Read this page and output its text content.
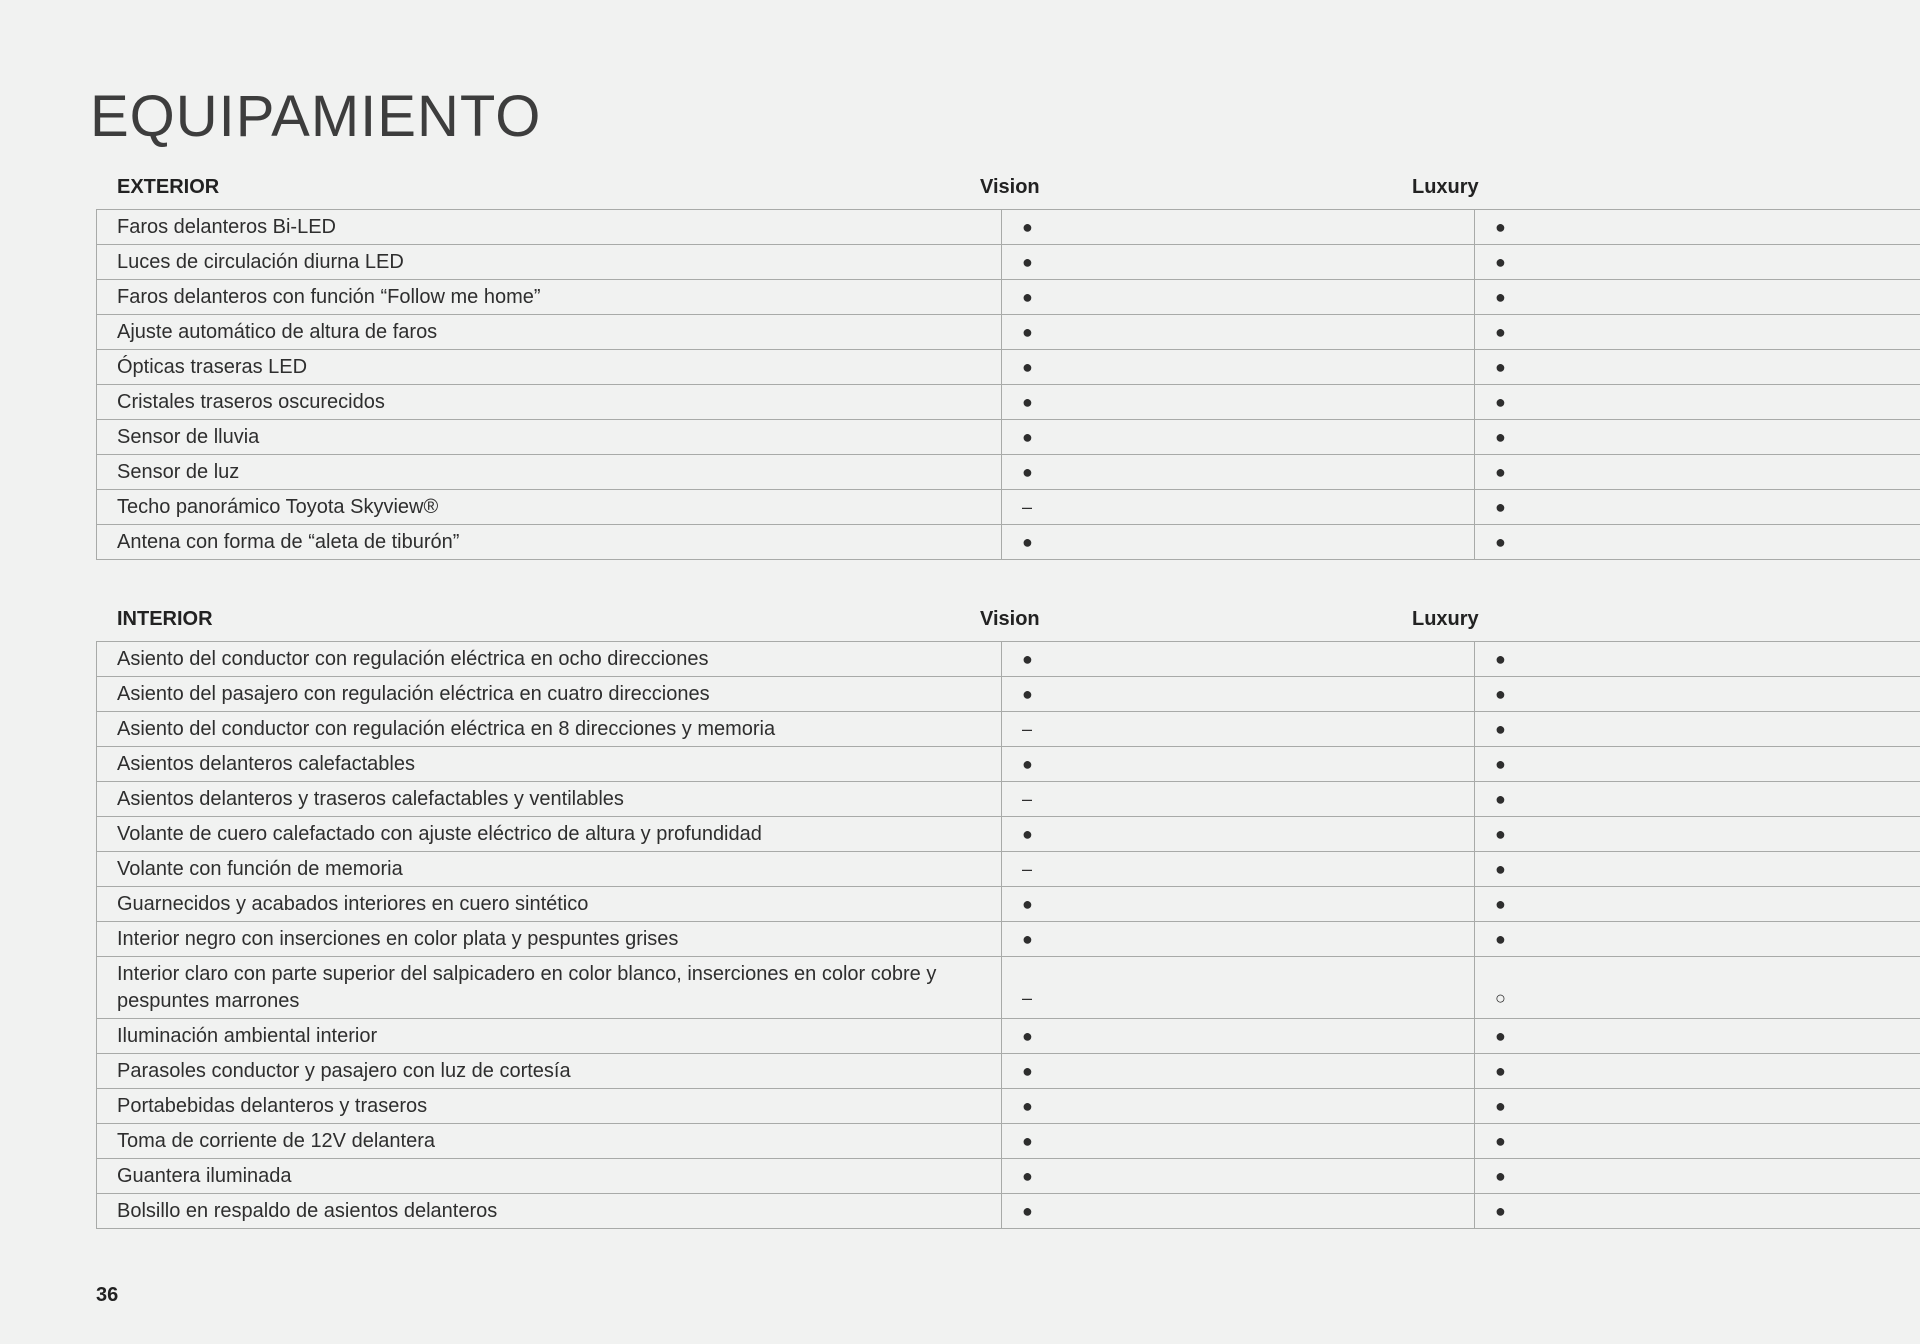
EQUIPAMIENTO
EXTERIOR	Vision	Luxury
Faros delanteros Bi-LED	●	●
Luces de circulación diurna LED	●	●
Faros delanteros con función “Follow me home”	●	●
Ajuste automático de altura de faros	●	●
Ópticas traseras LED	●	●
Cristales traseros oscurecidos	●	●
Sensor de lluvia	●	●
Sensor de luz	●	●
Techo panorámico Toyota Skyview®	–	●
Antena con forma de “aleta de tiburón”	●	●
INTERIOR	Vision	Luxury
Asiento del conductor con regulación eléctrica en ocho direcciones	●	●
Asiento del pasajero con regulación eléctrica en cuatro direcciones	●	●
Asiento del conductor con regulación eléctrica en 8 direcciones y memoria	–	●
Asientos delanteros calefactables	●	●
Asientos delanteros y traseros calefactables y ventilables	–	●
Volante de cuero calefactado con ajuste eléctrico de altura y profundidad	●	●
Volante con función de memoria	–	●
Guarnecidos y acabados interiores en cuero sintético	●	●
Interior negro con inserciones en color plata y pespuntes grises	●	●
Interior claro con parte superior del salpicadero en color blanco, inserciones en color cobre y pespuntes marrones	–	○
Iluminación ambiental interior	●	●
Parasoles conductor y pasajero con luz de cortesía	●	●
Portabebidas delanteros y traseros	●	●
Toma de corriente de 12V delantera	●	●
Guantera iluminada	●	●
Bolsillo en respaldo de asientos delanteros	●	●
36
